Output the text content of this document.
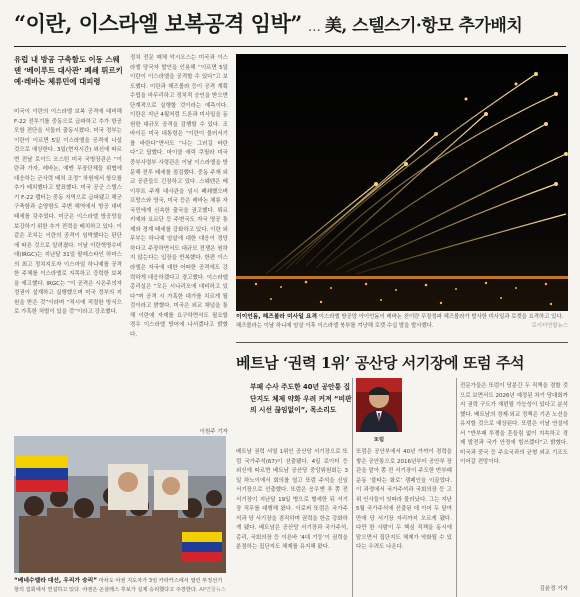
“이란, 이스라엘 보복공격 임박” … 美, 스텔스기·항모 추가배치
유럽 내 방공 구축함도 이동 스웨덴 ‘베이루트 대사관’ 폐쇄 튀르키예·레바논 체류민에 대피령

미국이 이란의 이스라엘 보복 공격에 대비해 F-22 전투기를 중동으로 급파하고 추가 항공모함 전단을 서둘러 출동시켰다. 미국 정부는 이란이 이르면 5일 이스라엘을 공격에 나설 것으로 예상한다. 3일(현지시간) 외신에 따르면 전날 로이드 오스틴 미국 국방장관은 “이란과 가자, 레바논, 예멘 무장단체들 위협에 대응하는 군사력 배치 조정” 차원에서 항모를 추가 배치했다고 발표했다. 미국 공군 스텔스기 F-22 랩터는 중동 지역으로 급파됐고 해군 구축함과 순양함도 주변 해역에서 방공 대비 태세를 갖추었다. 미군은 이스라엘 방공망을 보강하기 위한 추가 전력을 배치하고 있다. 이 같은 조치는 이란의 공격이 임박했다는 판단에 따른 것으로 알려졌다. 이날 이란혁명수비대(IRGC)는 지난달 31일 팔레스타인 하마스의 최고 정치지도자 이스마일 하니예를 공격한 주체를 이스라엘로 지목하고 강력한 보복을 예고했다. IRGC는 “이 공격은 시온주의자 정권이 설계하고 실행했으며 미국 정부의 지원을 받은 것”이라며 “적시에 적절한 방식으로 가혹한 처벌이 있을 것”이라고 강조했다.

정치 전문 매체 악시오스는 미국과 이스라엘 당국자 발언을 인용해 “이르면 5일 이란이 이스라엘을 공격할 수 있다”고 보도했다. 이란과 헤즈볼라 등이 공격 계획 수립을 마무리하고 정치적 승인을 받으면 단계적으로 실행할 것이라는 예측이다. 이란은 지난 4월처럼 드론과 미사일을 동원한 대규모 공격을 감행할 수 있다. 조 바이든 미국 대통령은 “이란이 물러서기를 바란다”면서도 “나는 그러길 바란다”고 답했다. 마이클 에릭 쿠릴라 미국 중부사령부 사령관은 이날 이스라엘을 방문해 전투 태세를 점검했다. 중동 주재 외교 공관들도 긴장하고 있다. 스웨덴은 베이루트 주재 대사관을 임시 폐쇄했으며 프랑스와 영국, 미국 등은 레바논 체류 자국민에게 신속한 출국을 권고했다. 튀르키예와 요르단 등 주변국도 자국 영공 통제와 경계 태세를 강화하고 있다. 이란 외무부는 하니예 암살에 대한 대응이 정당하다고 주장하면서도 대규모 전쟁은 원하지 않는다는 입장을 반복했다. 한편 이스라엘은 자국에 대한 어떠한 공격에도 강력하게 대응하겠다고 경고했다. 이스라엘 총리실은 “모든 시나리오에 대비하고 있다”며 공격 시 가혹한 대가를 치르게 될 것이라고 밝혔다. 미국은 외교 채널을 통해 이란에 자제를 요구하면서도 필요할 경우 이스라엘 방어에 나서겠다고 밝혔다.

이원주 기자
이이언돔, 헤즈볼라 미사일 요격 이스라엘 방공망 아이언돔이 레바논 친이란 무장정파 헤즈볼라가 발사한 미사일과 로켓을 요격하고 있다. 헤즈볼라는 이날 하니예 암살 이후 이스라엘 북부를 겨냥해 로켓 수십 발을 발사했다.	로이터연합뉴스
“베네수엘라 대선, 우리가 승리” 마차도 야권 지도자가 3일 카라카스에서 열린 부정선거 항의 집회에서 연설하고 있다. 야권은 곤살레스 후보가 실제 승리했다고 주장한다. AP연합뉴스
베트남 ‘권력 1위’ 공산당 서기장에 또럼 주석
부패 수사 주도한 40년 공안통 집단지도 체제 약화 우려 커져 “비판의 시선 끊임없이”, 목소리도
또럼

베트남 권력 서열 1위인 공산당 서기장으로 또럼 국가주석(67)이 선출됐다. 4일 로이터 등 외신에 따르면 베트남 공산당 중앙위원회는 3일 하노이에서 회의를 열고 또럼 주석을 신임 서기장으로 선출했다. 또럼은 응우옌 푸 쫑 전 서기장이 지난달 19일 병으로 별세한 뒤 서기장 직무를 대행해 왔다. 이로써 또럼은 국가주석과 당 서기장을 겸직하며 권력을 한층 강화하게 됐다. 베트남은 공산당 서기장과 국가주석, 총리, 국회의장 등 이른바 ‘4대 기둥’이 권력을 분점하는 집단지도 체제를 유지해 왔다.

또럼은 공안부에서 40년 가까이 경력을 쌓은 공안통으로 2016년부터 공안부 장관을 맡아 쫑 전 서기장이 주도한 반부패 운동 ‘불타는 화로’ 캠페인을 이끌었다. 이 과정에서 국가주석과 국회의장 등 고위 인사들이 잇따라 물러났다. 그는 지난 5월 국가주석에 선출된 데 이어 두 달여 만에 당 서기장 자리까지 오르게 됐다. 다만 한 사람이 두 핵심 직책을 동시에 맡으면서 집단지도 체제가 약화될 수 있다는 우려도 나온다.

전문가들은 또럼이 당분간 두 직책을 겸할 것으로 보면서도 2026년 예정된 차기 당대회까지 권력 구도가 재편될 가능성이 있다고 분석했다. 베트남의 경제·외교 정책은 기존 노선을 유지할 것으로 예상된다. 또럼은 이날 연설에서 “반부패 투쟁을 흔들림 없이 지속하고 경제 발전과 국가 안정에 힘쓰겠다”고 밝혔다. 미국과 중국 등 주요국과의 균형 외교 기조도 이어갈 전망이다.

김윤정 기자
